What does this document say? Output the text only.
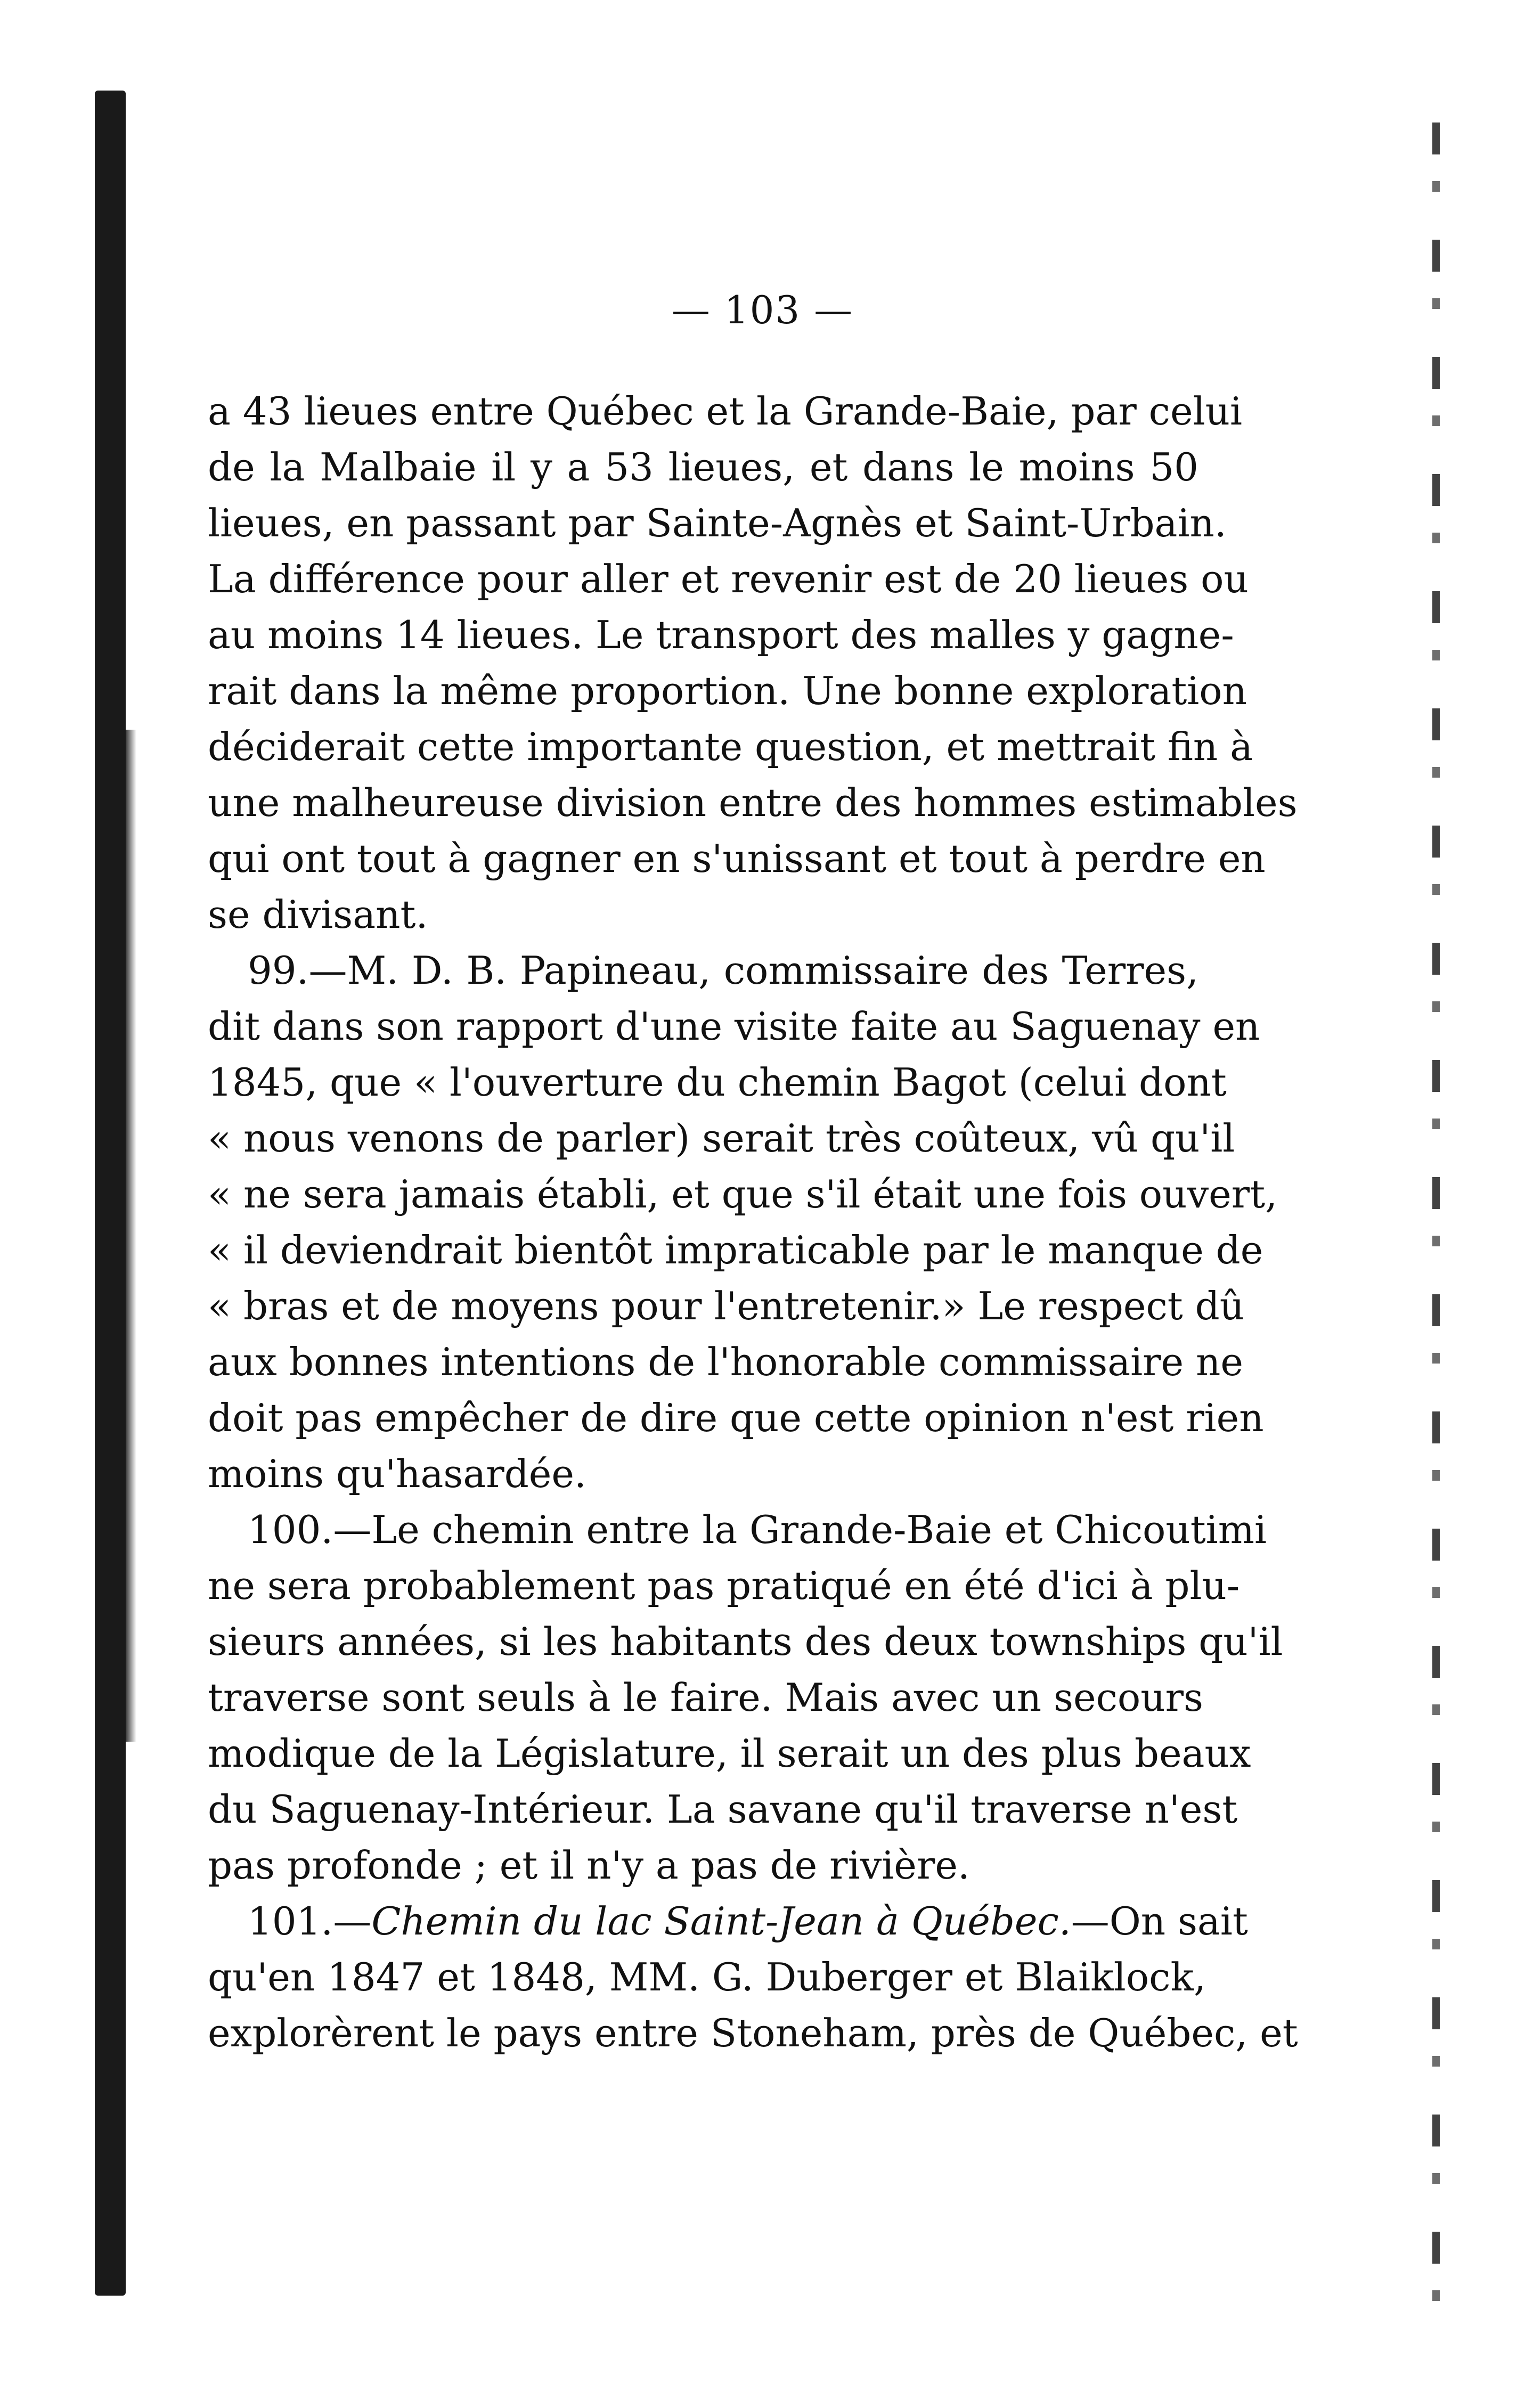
— 103 —
a 43 lieues entre Québec et la Grande-Baie, par celui
de la Malbaie il y a 53 lieues, et dans le moins 50
lieues, en passant par Sainte-Agnès et Saint-Urbain.
La différence pour aller et revenir est de 20 lieues ou
au moins 14 lieues. Le transport des malles y gagne-
rait dans la même proportion. Une bonne exploration
déciderait cette importante question, et mettrait fin à
une malheureuse division entre des hommes estimables
qui ont tout à gagner en s'unissant et tout à perdre en
se divisant.
99.—M. D. B. Papineau, commissaire des Terres,
dit dans son rapport d'une visite faite au Saguenay en
1845, que « l'ouverture du chemin Bagot (celui dont
« nous venons de parler) serait très coûteux, vû qu'il
« ne sera jamais établi, et que s'il était une fois ouvert,
« il deviendrait bientôt impraticable par le manque de
« bras et de moyens pour l'entretenir.» Le respect dû
aux bonnes intentions de l'honorable commissaire ne
doit pas empêcher de dire que cette opinion n'est rien
moins qu'hasardée.
100.—Le chemin entre la Grande-Baie et Chicoutimi
ne sera probablement pas pratiqué en été d'ici à plu-
sieurs années, si les habitants des deux townships qu'il
traverse sont seuls à le faire. Mais avec un secours
modique de la Législature, il serait un des plus beaux
du Saguenay-Intérieur. La savane qu'il traverse n'est
pas profonde ; et il n'y a pas de rivière.
101.—Chemin du lac Saint-Jean à Québec.—On sait
qu'en 1847 et 1848, MM. G. Duberger et Blaiklock,
explorèrent le pays entre Stoneham, près de Québec, et
